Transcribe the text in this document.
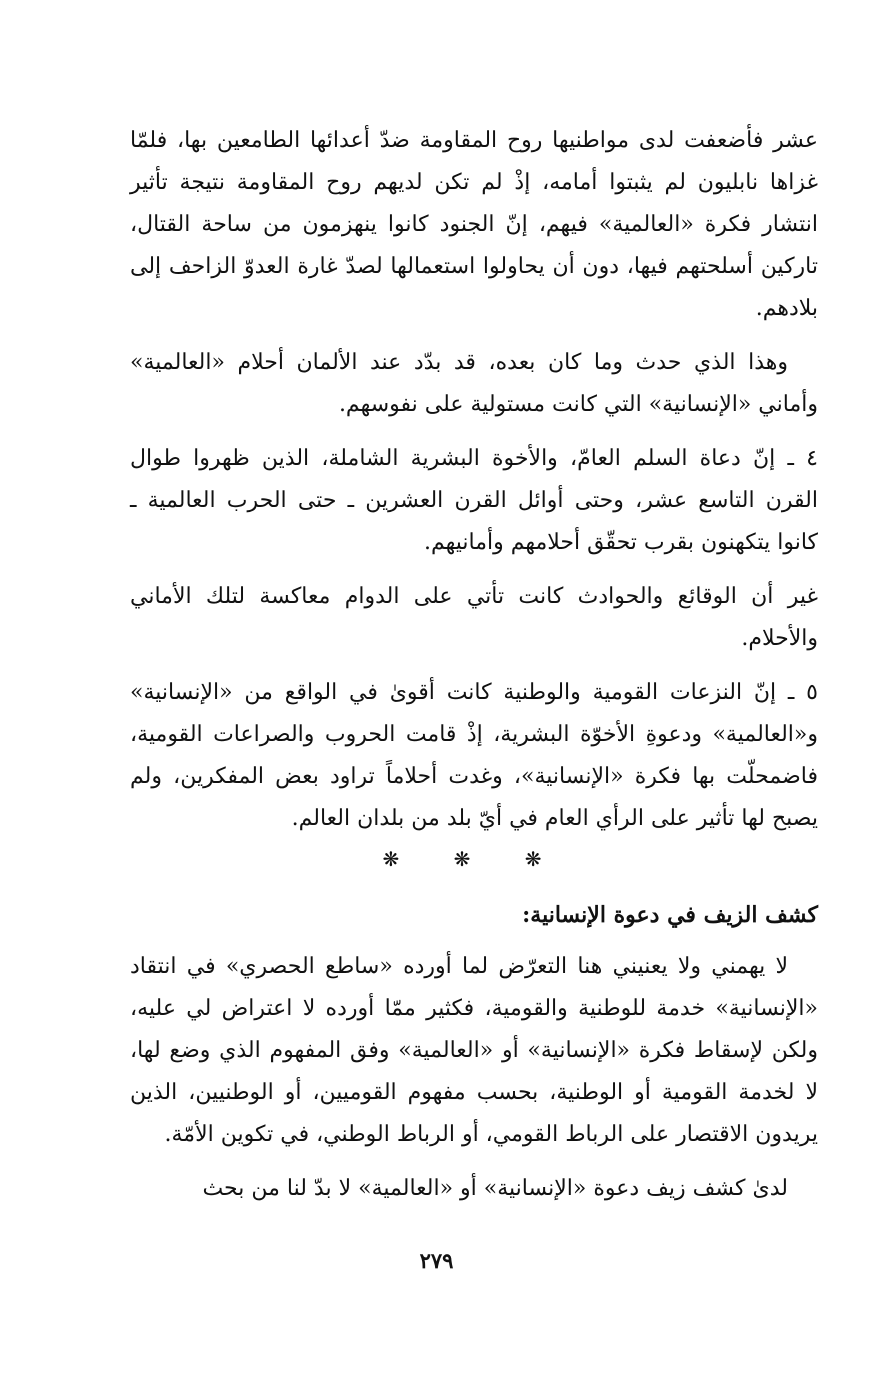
عشر فأضعفت لدى مواطنيها روح المقاومة ضدّ أعدائها الطامعين بها، فلمّا غزاها نابليون لم يثبتوا أمامه، إذْ لم تكن لديهم روح المقاومة نتيجة تأثير انتشار فكرة «العالمية» فيهم، إنّ الجنود كانوا ينهزمون من ساحة القتال، تاركين أسلحتهم فيها، دون أن يحاولوا استعمالها لصدّ غارة العدوّ الزاحف إلى بلادهم.

وهذا الذي حدث وما كان بعده، قد بدّد عند الألمان أحلام «العالمية» وأماني «الإنسانية» التي كانت مستولية على نفوسهم.

٤ ـ إنّ دعاة السلم العامّ، والأخوة البشرية الشاملة، الذين ظهروا طوال القرن التاسع عشر، وحتى أوائل القرن العشرين ـ حتى الحرب العالمية ـ كانوا يتكهنون بقرب تحقّق أحلامهم وأمانيهم.

غير أن الوقائع والحوادث كانت تأتي على الدوام معاكسة لتلك الأماني والأحلام.

٥ ـ إنّ النزعات القومية والوطنية كانت أقوىٰ في الواقع من «الإنسانية» و«العالمية» ودعوةِ الأخوّة البشرية، إذْ قامت الحروب والصراعات القومية، فاضمحلّت بها فكرة «الإنسانية»، وغدت أحلاماً تراود بعض المفكرين، ولم يصبح لها تأثير على الرأي العام في أيّ بلد من بلدان العالم.

❋ ❋ ❋
كشف الزيف في دعوة الإنسانية:

لا يهمني ولا يعنيني هنا التعرّض لما أورده «ساطع الحصري» في انتقاد «الإنسانية» خدمة للوطنية والقومية، فكثير ممّا أورده لا اعتراض لي عليه، ولكن لإسقاط فكرة «الإنسانية» أو «العالمية» وفق المفهوم الذي وضع لها، لا لخدمة القومية أو الوطنية، بحسب مفهوم القوميين، أو الوطنيين، الذين يريدون الاقتصار على الرباط القومي، أو الرباط الوطني، في تكوين الأمّة.

لدىٰ كشف زيف دعوة «الإنسانية» أو «العالمية» لا بدّ لنا من بحث

٢٧٩
